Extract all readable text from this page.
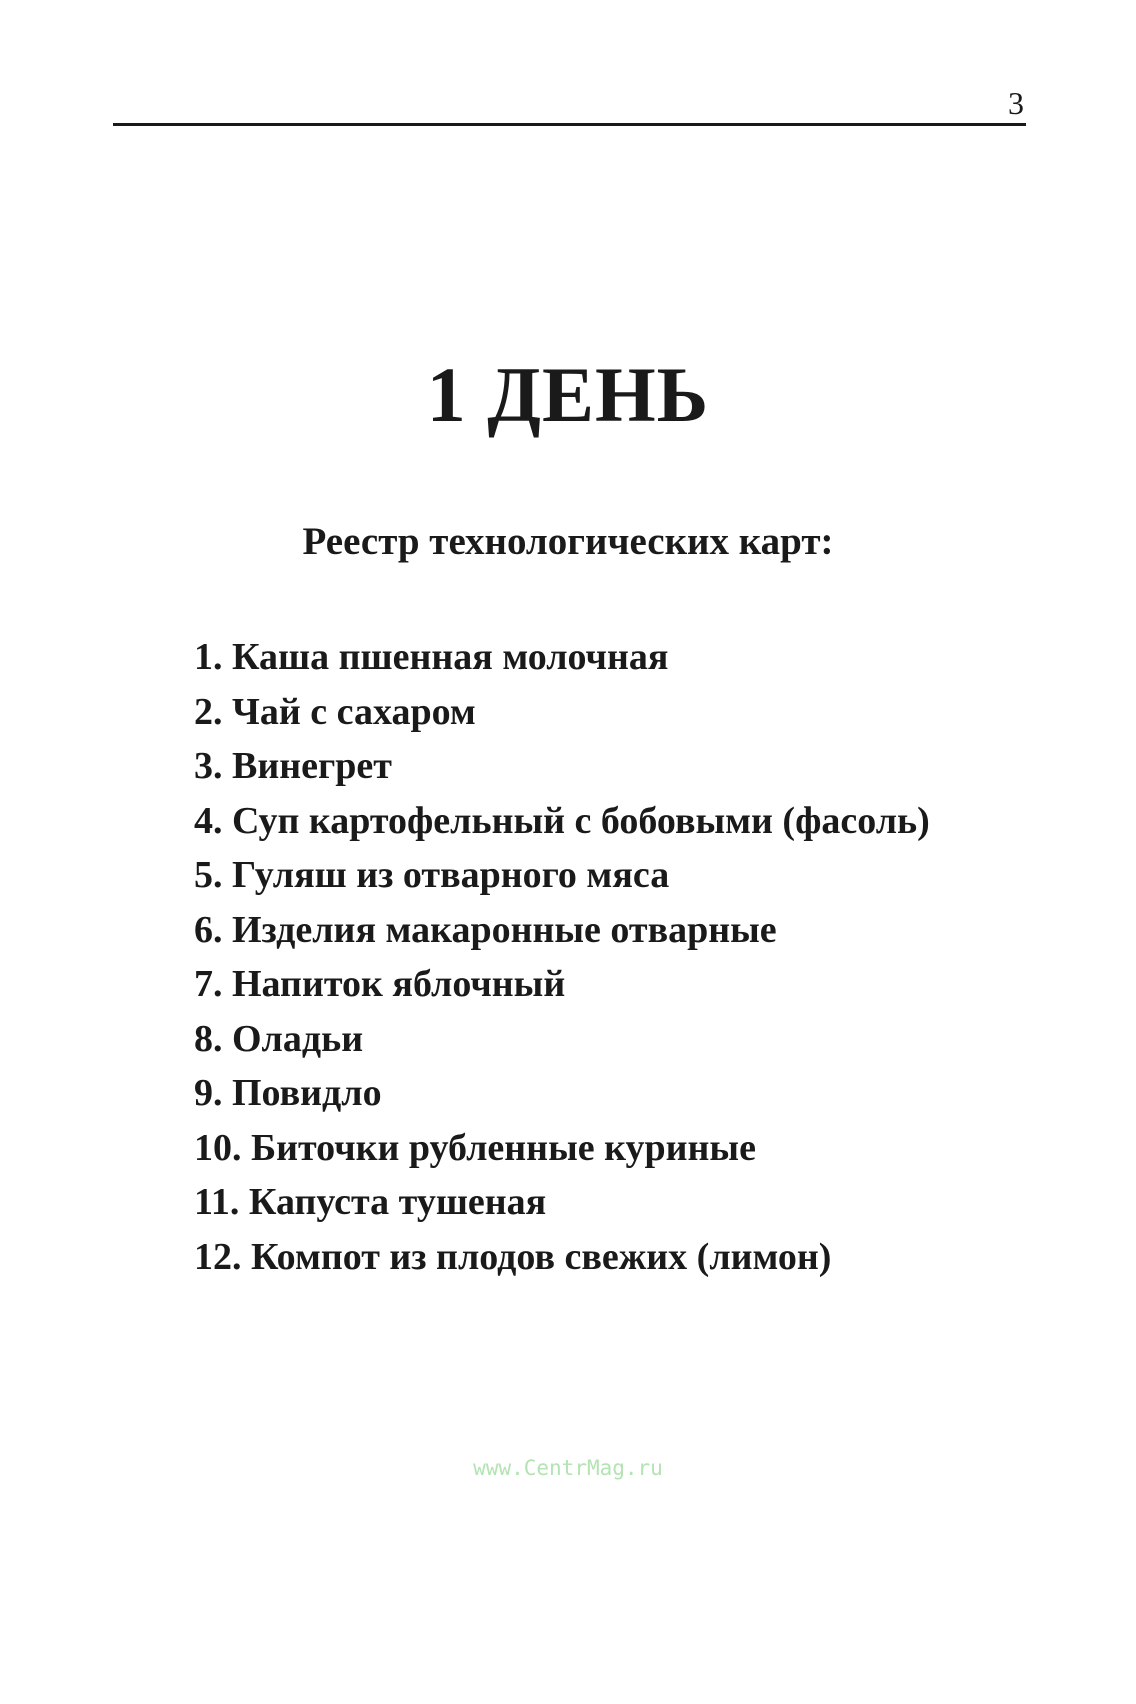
3
1 ДЕНЬ
Реестр технологических карт:
1. Каша пшенная молочная
2. Чай с сахаром
3. Винегрет
4. Суп картофельный с бобовыми (фасоль)
5. Гуляш из отварного мяса
6. Изделия макаронные отварные
7. Напиток яблочный
8. Оладьи
9. Повидло
10. Биточки рубленные куриные
11. Капуста тушеная
12. Компот из плодов свежих (лимон)
www.CentrMag.ru
